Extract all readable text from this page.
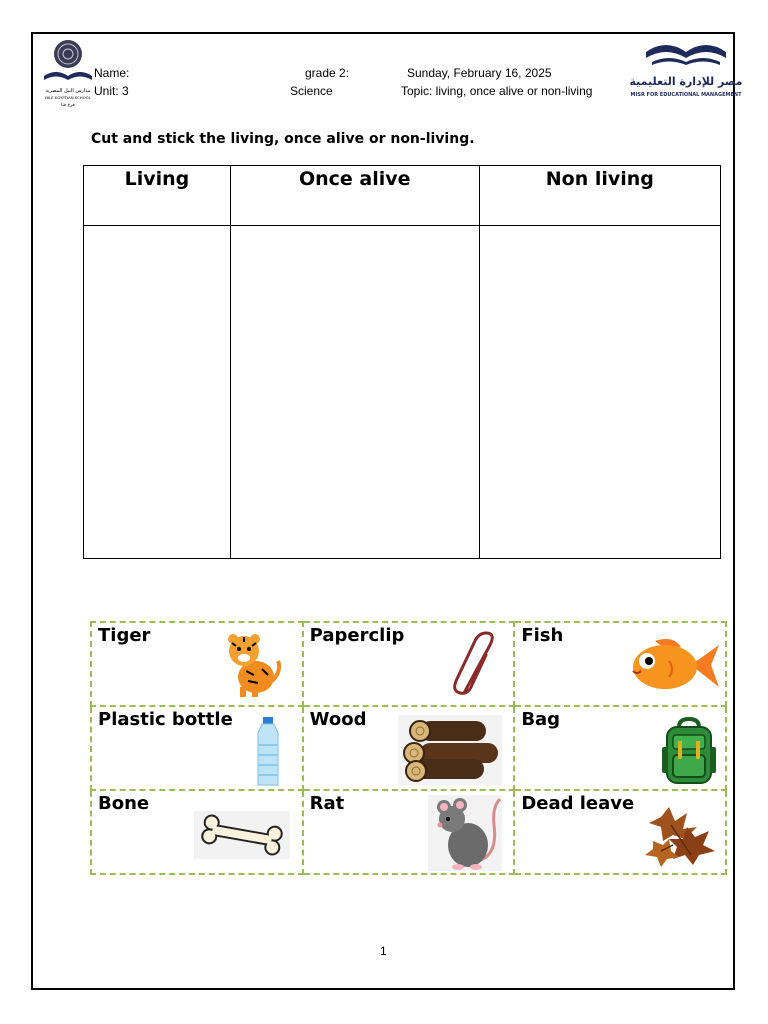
مدارس النيل المصرية
NILE EGYPTIAN SCHOOL
فرع قنا
Name:
Unit: 3
grade 2:
Science
Sunday, February 16, 2025
Topic: living, once alive or non-living
مصر للإدارة التعليمية
MISR FOR EDUCATIONAL MANAGEMENT
Cut and stick the living, once alive or non-living.
Living	Once alive	Non living

Tiger	Paperclip	Fish

Plastic bottle	Wood	Bag

Bone	Rat	Dead leave
1
